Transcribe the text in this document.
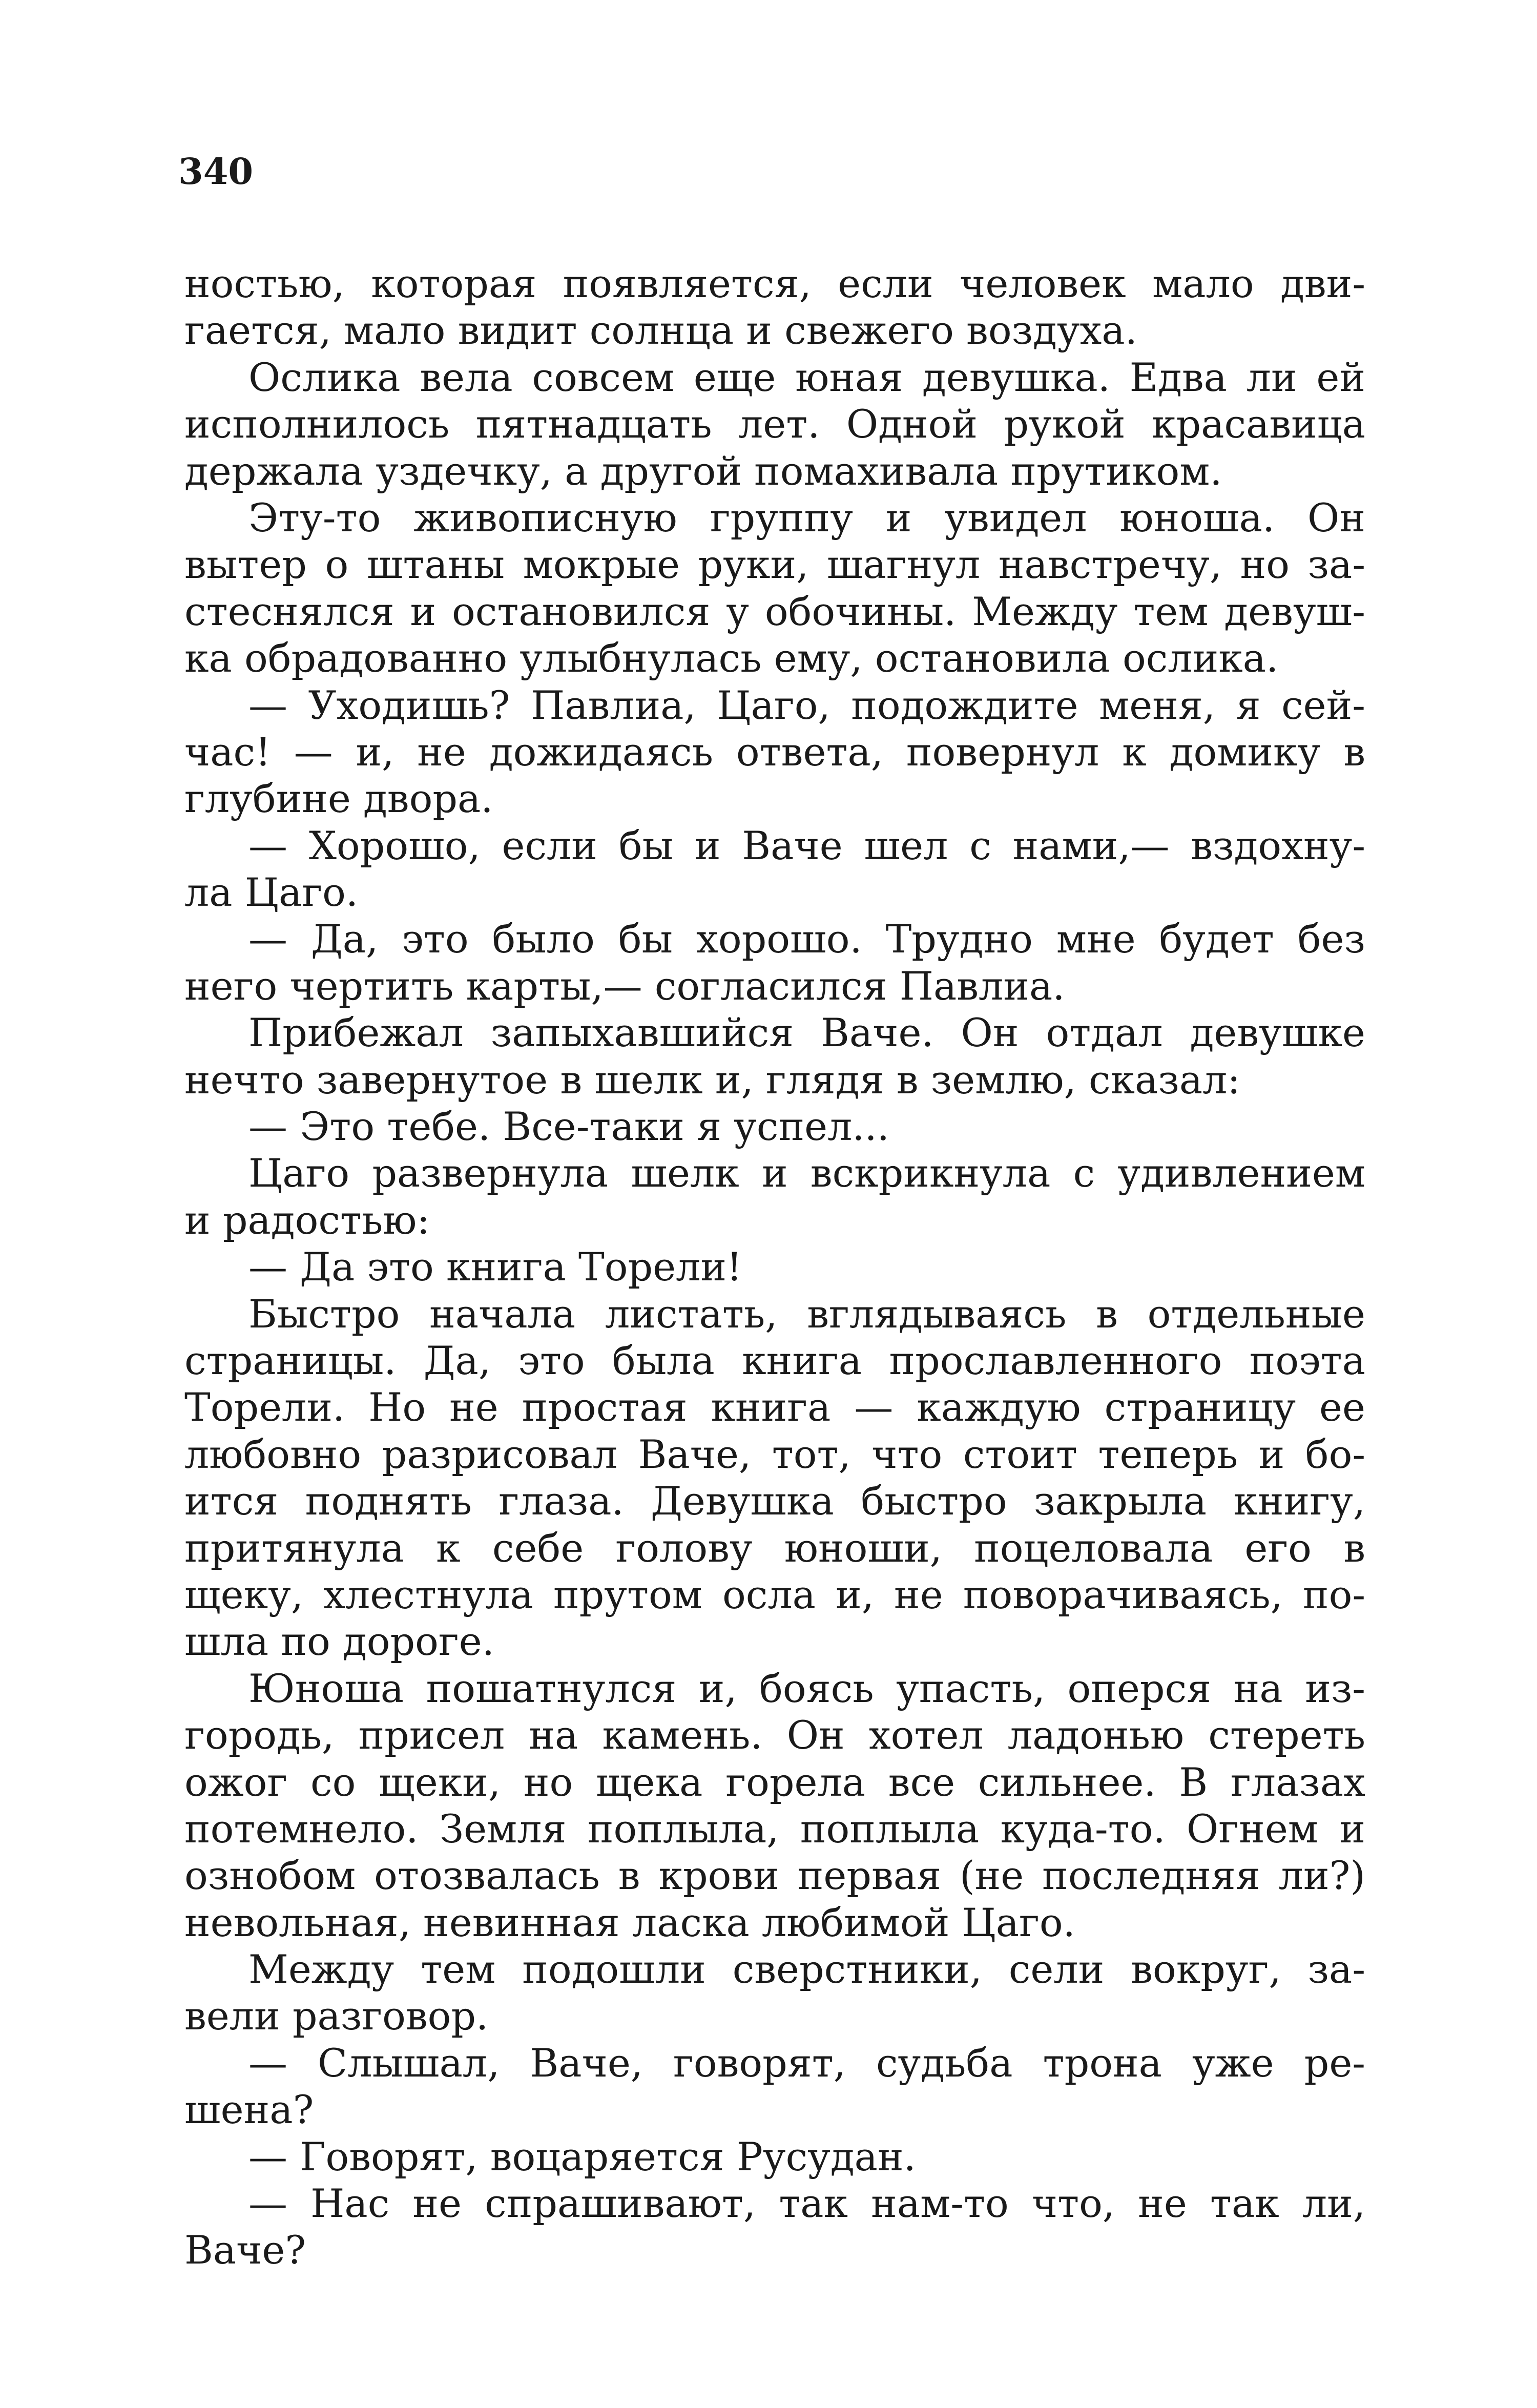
340
ностью, которая появляется, если человек мало дви-
гается, мало видит солнца и свежего воздуха.
Ослика вела совсем еще юная девушка. Едва ли ей
исполнилось пятнадцать лет. Одной рукой красавица
держала уздечку, а другой помахивала прутиком.
Эту-то живописную группу и увидел юноша. Он
вытер о штаны мокрые руки, шагнул навстречу, но за-
стеснялся и остановился у обочины. Между тем девуш-
ка обрадованно улыбнулась ему, остановила ослика.
— Уходишь? Павлиа, Цаго, подождите меня, я сей-
час! — и, не дожидаясь ответа, повернул к домику в
глубине двора.
— Хорошо, если бы и Ваче шел с нами,— вздохну-
ла Цаго.
— Да, это было бы хорошо. Трудно мне будет без
него чертить карты,— согласился Павлиа.
Прибежал запыхавшийся Ваче. Он отдал девушке
нечто завернутое в шелк и, глядя в землю, сказал:
— Это тебе. Все-таки я успел...
Цаго развернула шелк и вскрикнула с удивлением
и радостью:
— Да это книга Торели!
Быстро начала листать, вглядываясь в отдельные
страницы. Да, это была книга прославленного поэта
Торели. Но не простая книга — каждую страницу ее
любовно разрисовал Ваче, тот, что стоит теперь и бо-
ится поднять глаза. Девушка быстро закрыла книгу,
притянула к себе голову юноши, поцеловала его в
щеку, хлестнула прутом осла и, не поворачиваясь, по-
шла по дороге.
Юноша пошатнулся и, боясь упасть, оперся на из-
городь, присел на камень. Он хотел ладонью стереть
ожог со щеки, но щека горела все сильнее. В глазах
потемнело. Земля поплыла, поплыла куда-то. Огнем и
ознобом отозвалась в крови первая (не последняя ли?)
невольная, невинная ласка любимой Цаго.
Между тем подошли сверстники, сели вокруг, за-
вели разговор.
— Слышал, Ваче, говорят, судьба трона уже ре-
шена?
— Говорят, воцаряется Русудан.
— Нас не спрашивают, так нам-то что, не так ли,
Ваче?
